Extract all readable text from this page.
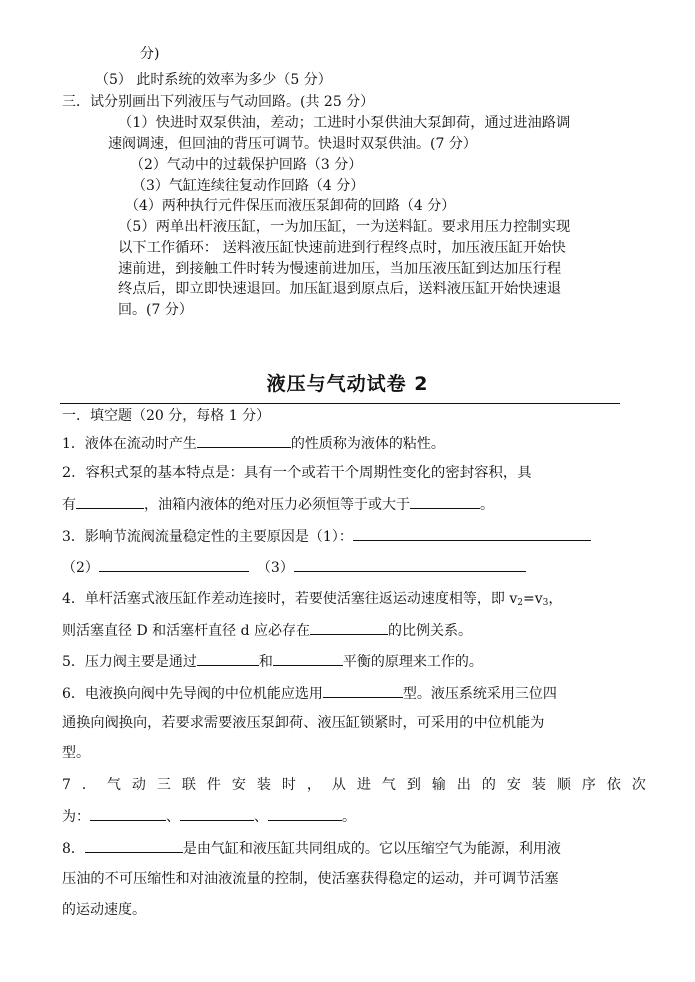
分)
（5） 此时系统的效率为多少（5 分）
三．试分别画出下列液压与气动回路。(共 25 分）
（1）快进时双泵供油，差动；工进时小泵供油大泵卸荷，通过进油路调
速阀调速，但回油的背压可调节。快退时双泵供油。(7 分）
（2）气动中的过载保护回路（3 分）
（3）气缸连续往复动作回路（4 分）
（4）两种执行元件保压而液压泵卸荷的回路（4 分）
（5）两单出杆液压缸，一为加压缸，一为送料缸。要求用压力控制实现
以下工作循环： 送料液压缸快速前进到行程终点时，加压液压缸开始快
速前进，到接触工件时转为慢速前进加压，当加压液压缸到达加压行程
终点后，即立即快速退回。加压缸退到原点后，送料液压缸开始快速退
回。(7 分）
液压与气动试卷 2
一．填空题（20 分，每格 1 分）
1．液体在流动时产生	的性质称为液体的粘性。
2．容积式泵的基本特点是：具有一个或若干个周期性变化的密封容积，具
有	，油箱内液体的绝对压力必须恒等于或大于	。
3．影响节流阀流量稳定性的主要原因是（1）：
（2）	（3）
4．单杆活塞式液压缸作差动连接时，若要使活塞往返运动速度相等，即 $v_2=v_3$，
则活塞直径 D 和活塞杆直径 d 应必存在	的比例关系。
5．压力阀主要是通过	和	平衡的原理来工作的。
6．电液换向阀中先导阀的中位机能应选用	型。液压系统采用三位四
通换向阀换向，若要求需要液压泵卸荷、液压缸锁紧时，可采用的中位机能为
型。
7．气动三联件安装时，从进气到输出的安装顺序依次
为：	、	、	。
8．	是由气缸和液压缸共同组成的。它以压缩空气为能源，利用液
压油的不可压缩性和对油液流量的控制，使活塞获得稳定的运动，并可调节活塞
的运动速度。
